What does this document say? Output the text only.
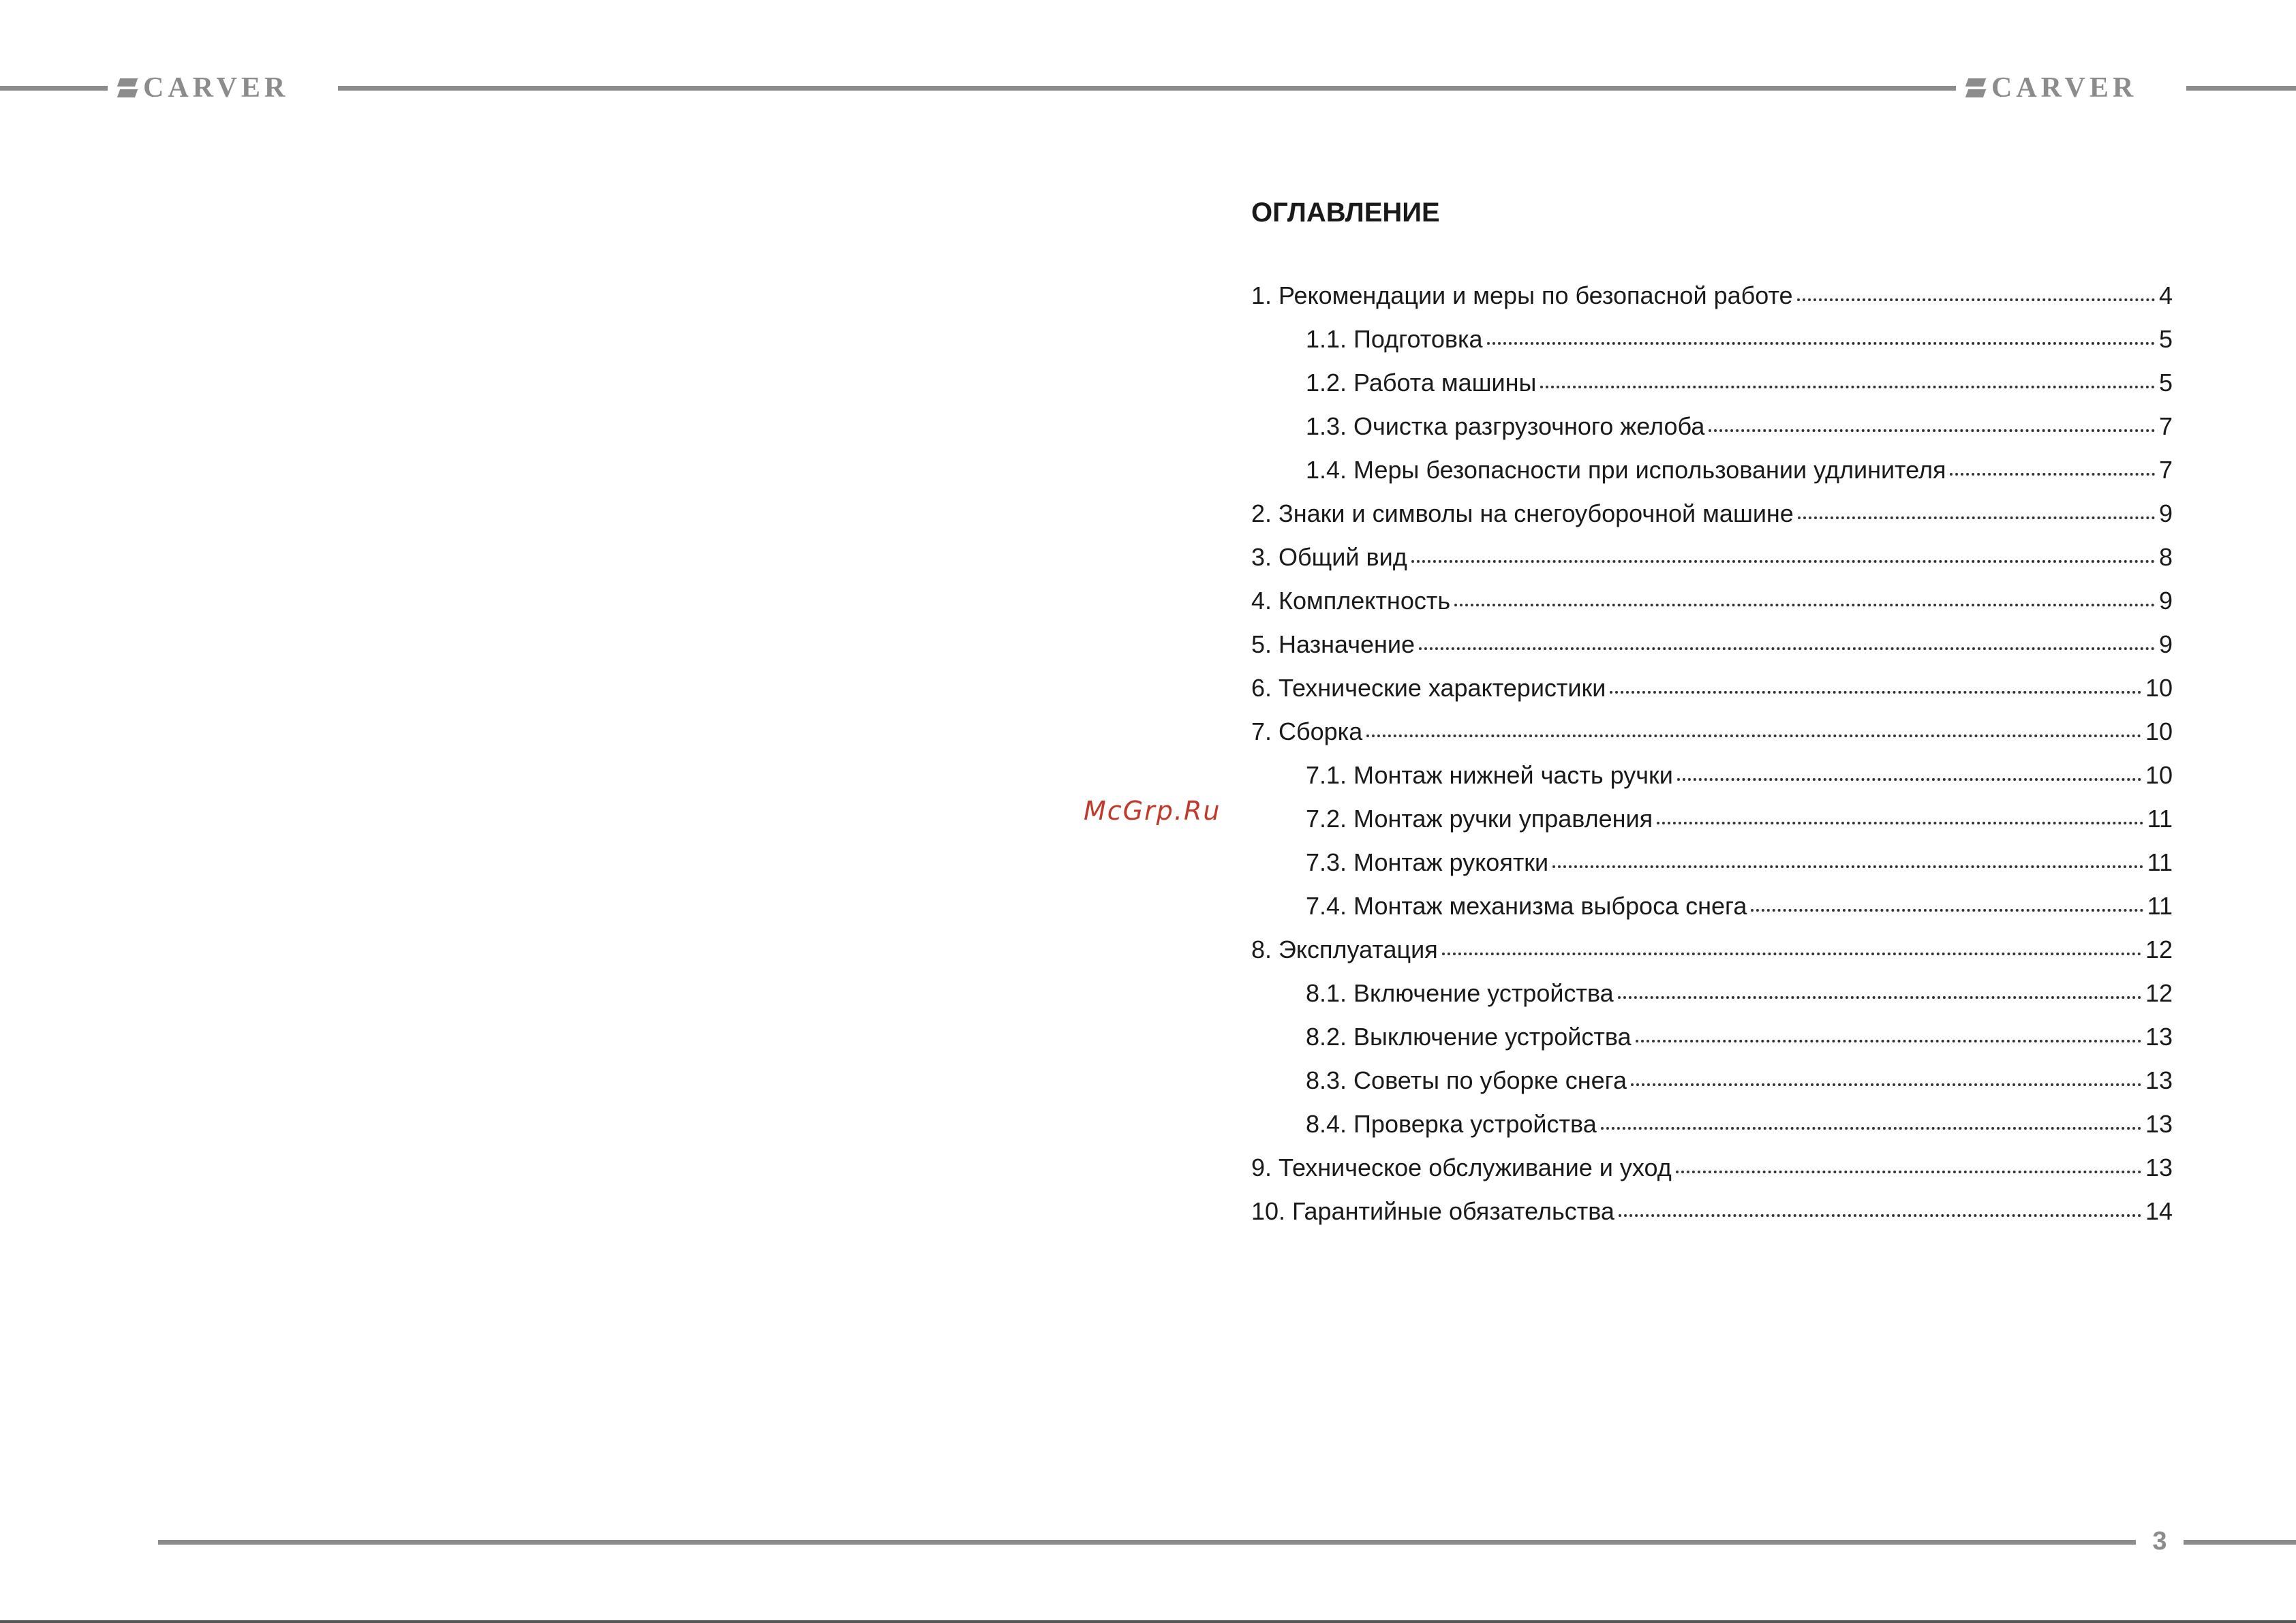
CARVER	CARVER
McGrp.Ru
ОГЛАВЛЕНИЕ
1. Рекомендации и меры по безопасной работе	4
1.1. Подготовка	5
1.2. Работа машины	5
1.3. Очистка разгрузочного желоба	7
1.4. Меры безопасности при использовании удлинителя	7
2. Знаки и символы на снегоуборочной машине	9
3. Общий вид	8
4. Комплектность	9
5. Назначение	9
6. Технические характеристики	10
7. Сборка	10
7.1. Монтаж нижней часть ручки	10
7.2. Монтаж ручки управления	11
7.3. Монтаж рукоятки	11
7.4. Монтаж механизма выброса снега	11
8. Эксплуатация	12
8.1. Включение устройства	12
8.2. Выключение устройства	13
8.3. Советы по уборке снега	13
8.4. Проверка устройства	13
9. Техническое обслуживание и уход	13
10. Гарантийные обязательства	14
3
